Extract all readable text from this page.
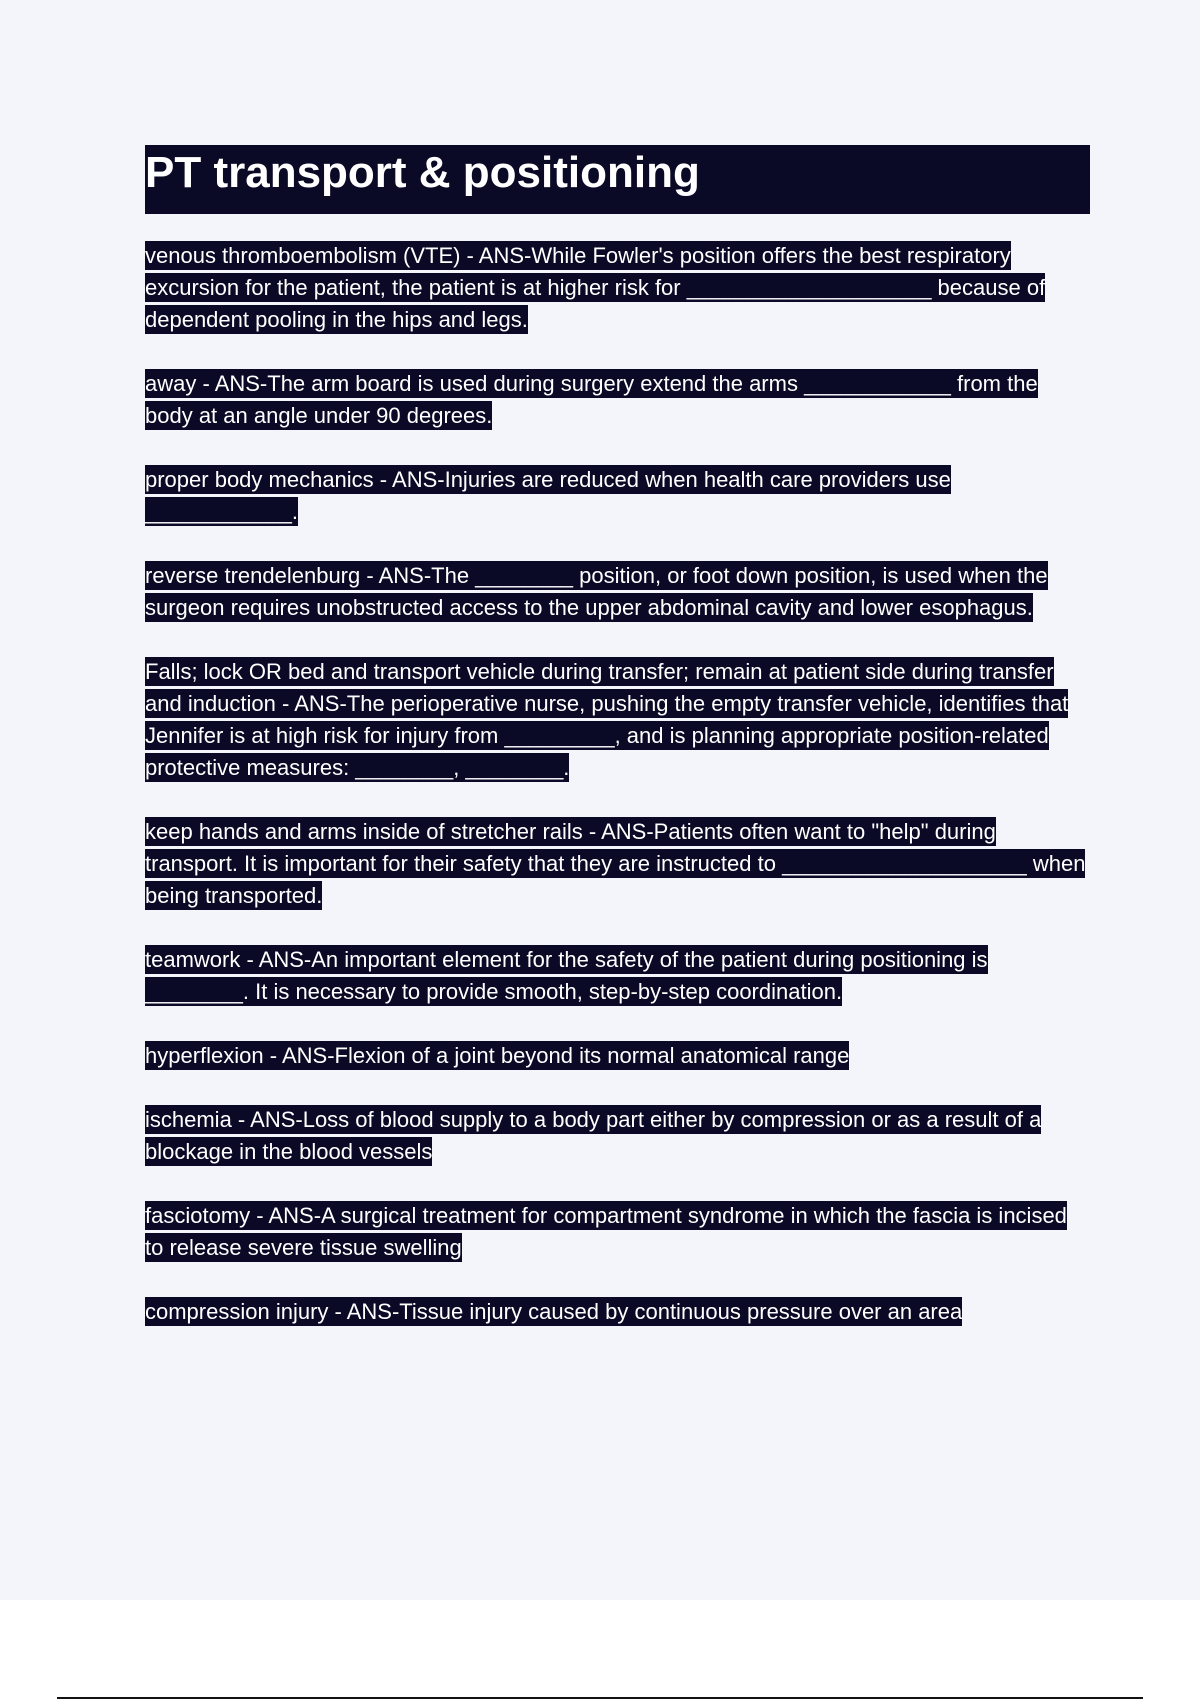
PT transport & positioning

venous thromboembolism (VTE) - ANS-While Fowler's position offers the best respiratory excursion for the patient, the patient is at higher risk for ____________________ because of dependent pooling in the hips and legs.

away - ANS-The arm board is used during surgery extend the arms ____________ from the body at an angle under 90 degrees.

proper body mechanics - ANS-Injuries are reduced when health care providers use ____________.

reverse trendelenburg - ANS-The ________ position, or foot down position, is used when the surgeon requires unobstructed access to the upper abdominal cavity and lower esophagus.

Falls; lock OR bed and transport vehicle during transfer; remain at patient side during transfer and induction - ANS-The perioperative nurse, pushing the empty transfer vehicle, identifies that Jennifer is at high risk for injury from _________, and is planning appropriate position-related protective measures: ________, ________.

keep hands and arms inside of stretcher rails - ANS-Patients often want to "help" during transport. It is important for their safety that they are instructed to ____________________ when being transported.

teamwork - ANS-An important element for the safety of the patient during positioning is ________. It is necessary to provide smooth, step-by-step coordination.

hyperflexion - ANS-Flexion of a joint beyond its normal anatomical range

ischemia - ANS-Loss of blood supply to a body part either by compression or as a result of a blockage in the blood vessels

fasciotomy - ANS-A surgical treatment for compartment syndrome in which the fascia is incised to release severe tissue swelling

compression injury - ANS-Tissue injury caused by continuous pressure over an area
